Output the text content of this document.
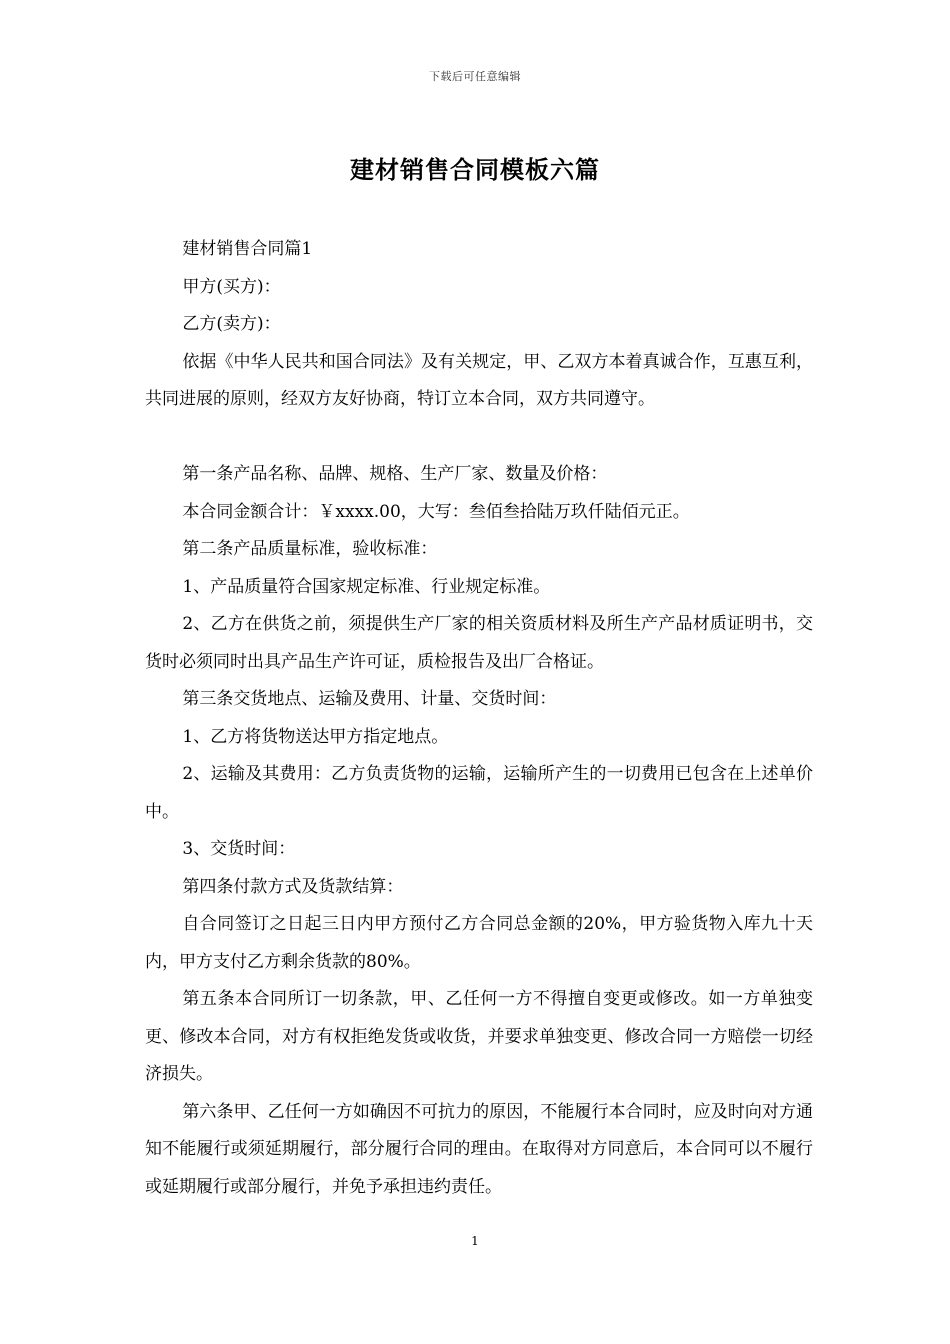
下载后可任意编辑
建材销售合同模板六篇

建材销售合同篇1

甲方(买方)：

乙方(卖方)：

依据《中华人民共和国合同法》及有关规定，甲、乙双方本着真诚合作，互惠互利，共同进展的原则，经双方友好协商，特订立本合同，双方共同遵守。

第一条产品名称、品牌、规格、生产厂家、数量及价格：

本合同金额合计：￥xxxx.00，大写：叁佰叁拾陆万玖仟陆佰元正。

第二条产品质量标准，验收标准：

1、产品质量符合国家规定标准、行业规定标准。

2、乙方在供货之前，须提供生产厂家的相关资质材料及所生产产品材质证明书，交货时必须同时出具产品生产许可证，质检报告及出厂合格证。

第三条交货地点、运输及费用、计量、交货时间：

1、乙方将货物送达甲方指定地点。

2、运输及其费用：乙方负责货物的运输，运输所产生的一切费用已包含在上述单价中。

3、交货时间：

第四条付款方式及货款结算：

自合同签订之日起三日内甲方预付乙方合同总金额的20%，甲方验货物入库九十天内，甲方支付乙方剩余货款的80%。

第五条本合同所订一切条款，甲、乙任何一方不得擅自变更或修改。如一方单独变更、修改本合同，对方有权拒绝发货或收货，并要求单独变更、修改合同一方赔偿一切经济损失。

第六条甲、乙任何一方如确因不可抗力的原因，不能履行本合同时，应及时向对方通知不能履行或须延期履行，部分履行合同的理由。在取得对方同意后，本合同可以不履行或延期履行或部分履行，并免予承担违约责任。

1
